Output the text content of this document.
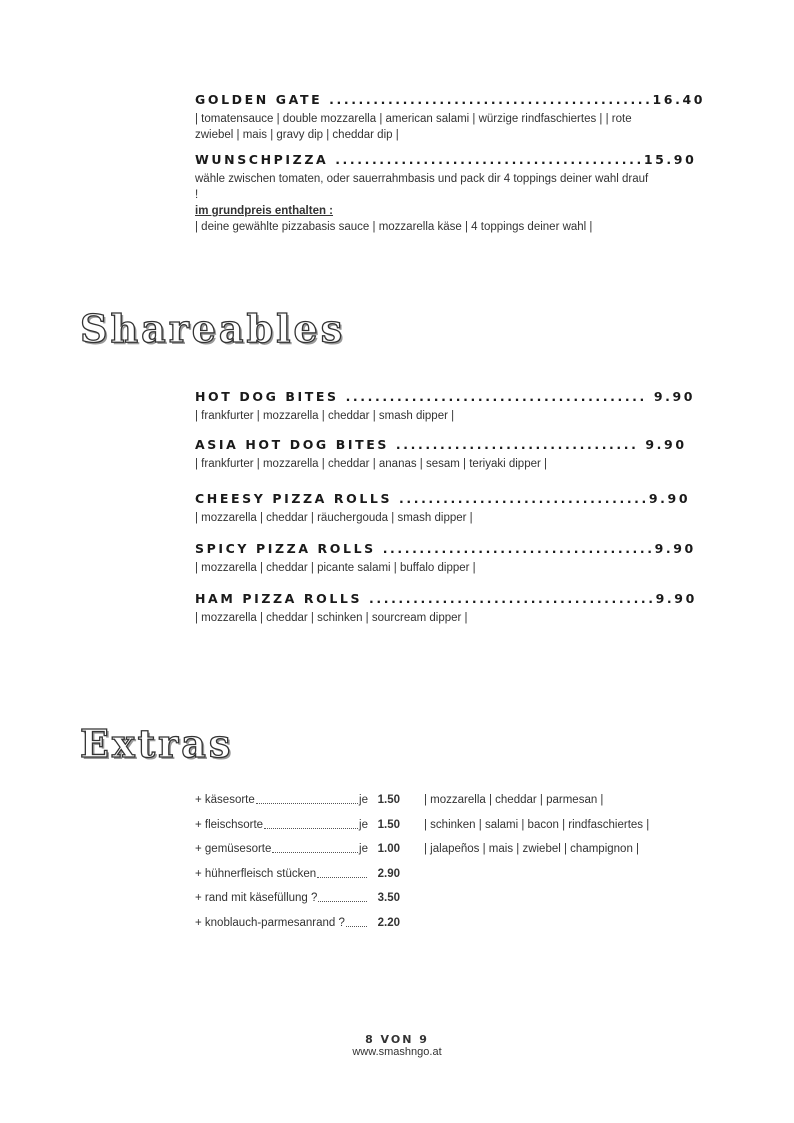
GOLDEN GATE ............................................16.40
| tomatensauce | double mozzarella | american salami | würzige rindfaschiertes | | rote zwiebel | mais | gravy dip | cheddar dip |
WUNSCHPIZZA ..........................................15.90
wähle zwischen tomaten, oder sauerrahmbasis und pack dir 4 toppings deiner wahl drauf !
im grundpreis enthalten :
| deine gewählte pizzabasis sauce | mozzarella käse | 4 toppings deiner wahl |
Shareables
HOT DOG BITES ......................................... 9.90
| frankfurter | mozzarella | cheddar | smash dipper |
ASIA HOT DOG BITES ................................. 9.90
| frankfurter | mozzarella | cheddar | ananas | sesam | teriyaki dipper |
CHEESY PIZZA ROLLS ..................................9.90
| mozzarella | cheddar | räuchergouda | smash dipper |
SPICY PIZZA ROLLS .....................................9.90
| mozzarella | cheddar | picante salami | buffalo dipper |
HAM PIZZA ROLLS .......................................9.90
| mozzarella | cheddar | schinken | sourcream dipper |
Extras
+ käsesorte	je 1.50 | mozzarella | cheddar | parmesan |
+ fleischsorte	je 1.50 | schinken | salami | bacon | rindfaschiertes |
+ gemüsesorte	je 1.00 | jalapeños | mais | zwiebel | champignon |
+ hühnerfleisch stücken	2.90
+ rand mit käsefüllung ?	3.50
+ knoblauch-parmesanrand ?	2.20
8 VON 9
www.smashngo.at
